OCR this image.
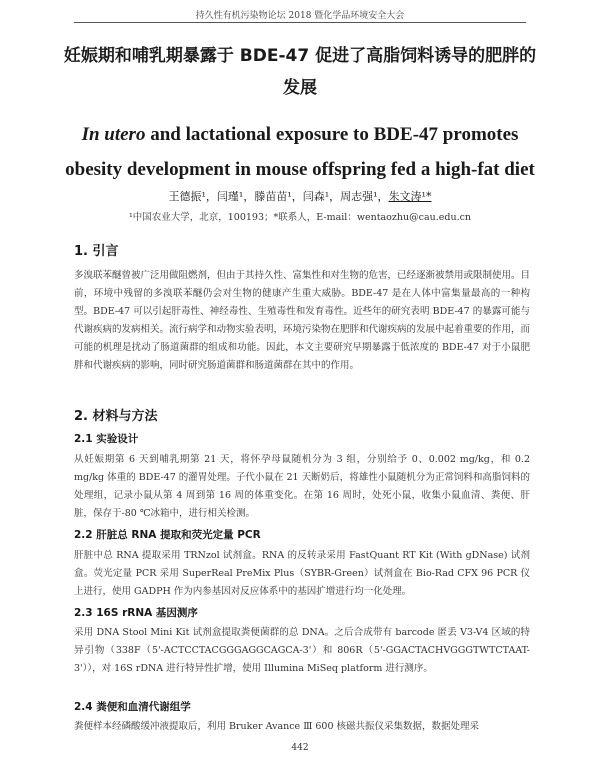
持久性有机污染物论坛 2018 暨化学品环境安全大会
妊娠期和哺乳期暴露于 BDE-47 促进了高脂饲料诱导的肥胖的发展
In utero and lactational exposure to BDE-47 promotes obesity development in mouse offspring fed a high-fat diet
王德振¹，闫瑾¹，滕苗苗¹，闫森¹，周志强¹，朱文涛¹*
¹中国农业大学，北京，100193；*联系人，E-mail：wentaozhu@cau.edu.cn
1. 引言

多溴联苯醚曾被广泛用做阻燃剂，但由于其持久性、富集性和对生物的危害，已经逐渐被禁用或限制使用。目前，环境中残留的多溴联苯醚仍会对生物的健康产生重大威胁。BDE-47 是在人体中富集量最高的一种构型。BDE-47 可以引起肝毒性、神经毒性、生殖毒性和发育毒性。近些年的研究表明 BDE-47 的暴露可能与代谢疾病的发病相关。流行病学和动物实验表明，环境污染物在肥胖和代谢疾病的发展中起着重要的作用，而可能的机理是扰动了肠道菌群的组成和功能。因此，本文主要研究早期暴露于低浓度的 BDE-47 对于小鼠肥胖和代谢疾病的影响，同时研究肠道菌群和肠道菌群在其中的作用。

2. 材料与方法
2.1 实验设计

从妊娠期第 6 天到哺乳期第 21 天，将怀孕母鼠随机分为 3 组，分别给予 0、0.002 mg/kg，和 0.2 mg/kg 体重的 BDE-47 的灌胃处理。子代小鼠在 21 天断奶后，将雄性小鼠随机分为正常饲料和高脂饲料的处理组，记录小鼠从第 4 周到第 16 周的体重变化。在第 16 周时，处死小鼠，收集小鼠血清、粪便、肝脏，保存于-80 ℃冰箱中，进行相关检测。

2.2 肝脏总 RNA 提取和荧光定量 PCR

肝脏中总 RNA 提取采用 TRNzol 试剂盒。RNA 的反转录采用 FastQuant RT Kit (With gDNase) 试剂盒。荧光定量 PCR 采用 SuperReal PreMix Plus（SYBR-Green）试剂盒在 Bio-Rad CFX 96 PCR 仪上进行，使用 GADPH 作为内参基因对反应体系中的基因扩增进行均一化处理。

2.3 16S rRNA 基因测序

采用 DNA Stool Mini Kit 试剂盒提取粪便菌群的总 DNA。之后合成带有 barcode 匿丢 V3-V4 区域的特异引物（338F（5'-ACTCCTACGGGAGGCAGCA-3'）和 806R（5'-GGACTACHVGGGTWTCTAAT-3'）），对 16S rDNA 进行特异性扩增，使用 Illumina MiSeq platform 进行测序。

2.4 粪便和血清代谢组学

粪便样本经磷酸缓冲液提取后，利用 Bruker Avance Ⅲ 600 核磁共振仪采集数据，数据处理采

442
